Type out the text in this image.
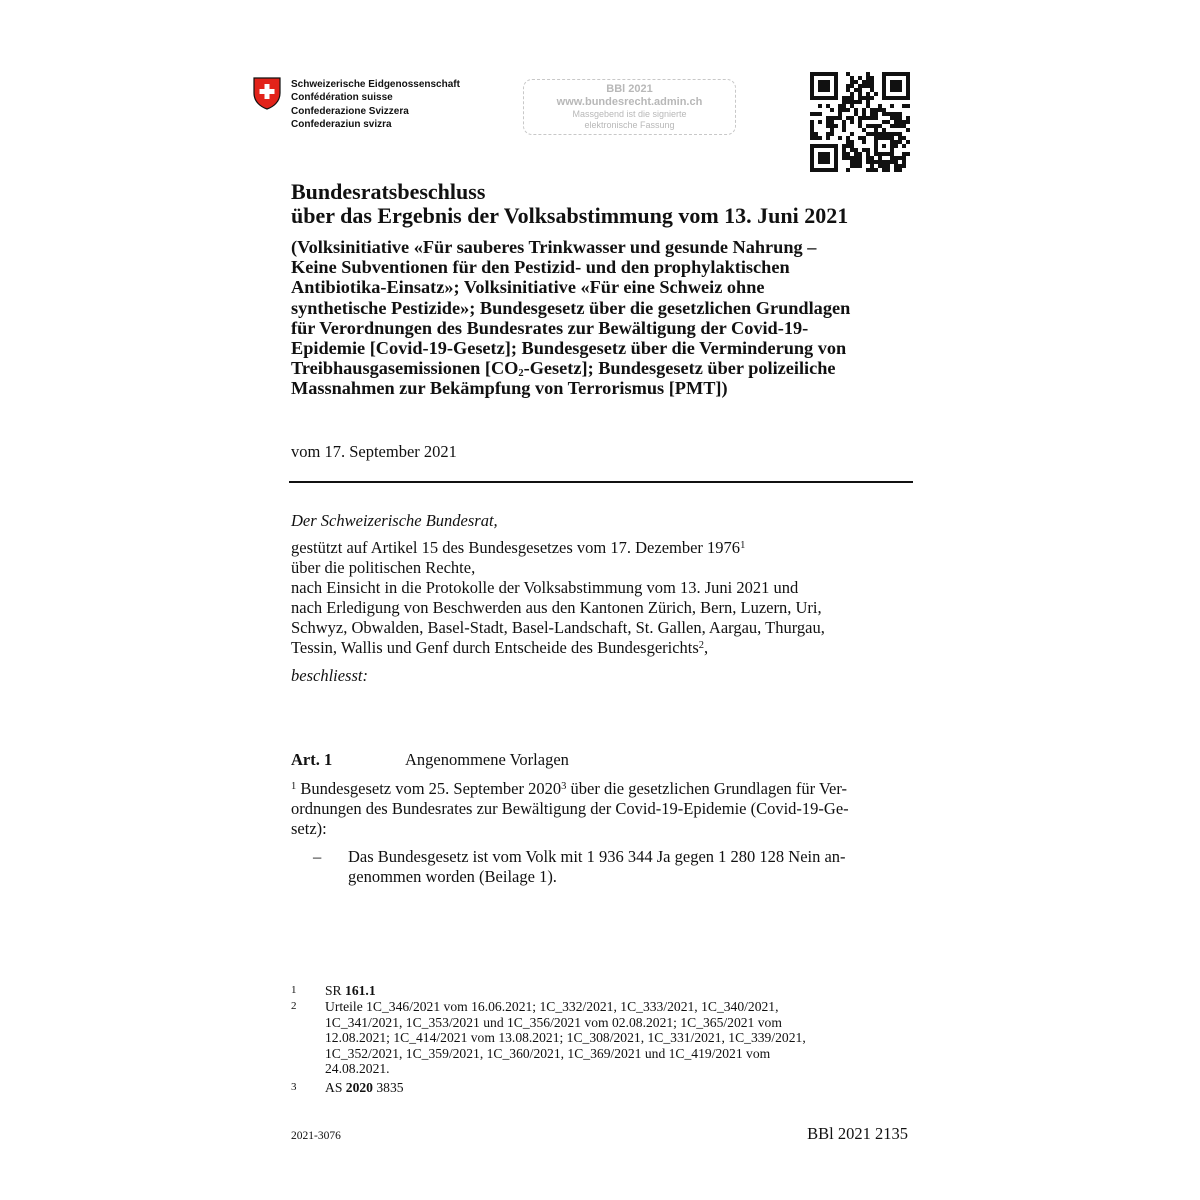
Schweizerische Eidgenossenschaft
Confédération suisse
Confederazione Svizzera
Confederaziun svizra
BBl 2021
www.bundesrecht.admin.ch
Massgebend ist die signierte
elektronische Fassung
Bundesratsbeschluss
über das Ergebnis der Volksabstimmung vom 13. Juni 2021
(Volksinitiative «Für sauberes Trinkwasser und gesunde Nahrung –
Keine Subventionen für den Pestizid- und den prophylaktischen
Antibiotika-Einsatz»; Volksinitiative «Für eine Schweiz ohne
synthetische Pestizide»; Bundesgesetz über die gesetzlichen Grundlagen
für Verordnungen des Bundesrates zur Bewältigung der Covid-19-
Epidemie [Covid-19-Gesetz]; Bundesgesetz über die Verminderung von
Treibhausgasemissionen $[CO_2-Gesetz]$; Bundesgesetz über polizeiliche
Massnahmen zur Bekämpfung von Terrorismus [PMT])
vom 17. September 2021
Der Schweizerische Bundesrat,
gestützt auf Artikel 15 des Bundesgesetzes vom 17. Dezember 1976$^1$
über die politischen Rechte,
nach Einsicht in die Protokolle der Volksabstimmung vom 13. Juni 2021 und
nach Erledigung von Beschwerden aus den Kantonen Zürich, Bern, Luzern, Uri,
Schwyz, Obwalden, Basel-Stadt, Basel-Landschaft, St. Gallen, Aargau, Thurgau,
Tessin, Wallis und Genf durch Entscheide des Bundesgerichts$^2$,
beschliesst:
Art. 1	Angenommene Vorlagen
$^1$ Bundesgesetz vom 25. September 2020$^3$ über die gesetzlichen Grundlagen für Ver-
ordnungen des Bundesrates zur Bewältigung der Covid-19-Epidemie (Covid-19-Ge-
setz):
– Das Bundesgesetz ist vom Volk mit 1 936 344 Ja gegen 1 280 128 Nein an-
genommen worden (Beilage 1).
1 SR 161.1
2 Urteile 1C_346/2021 vom 16.06.2021; 1C_332/2021, 1C_333/2021, 1C_340/2021,
1C_341/2021, 1C_353/2021 und 1C_356/2021 vom 02.08.2021; 1C_365/2021 vom
12.08.2021; 1C_414/2021 vom 13.08.2021; 1C_308/2021, 1C_331/2021, 1C_339/2021,
1C_352/2021, 1C_359/2021, 1C_360/2021, 1C_369/2021 und 1C_419/2021 vom
24.08.2021.
3 AS 2020 3835
2021-3076	BBl 2021 2135
